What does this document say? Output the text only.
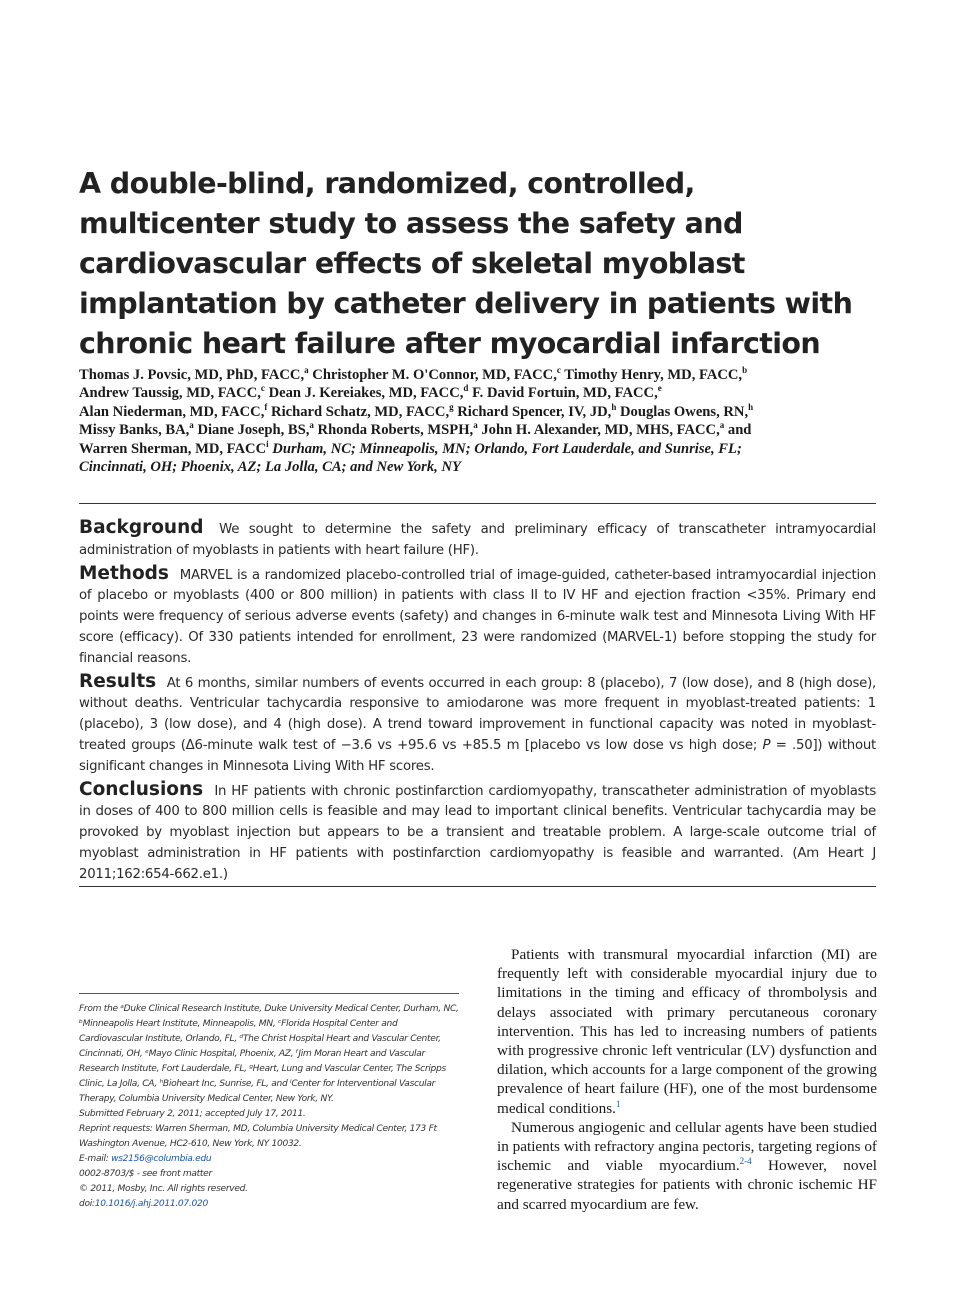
A double-blind, randomized, controlled, multicenter study to assess the safety and cardiovascular effects of skeletal myoblast implantation by catheter delivery in patients with chronic heart failure after myocardial infarction
Thomas J. Povsic, MD, PhD, FACC,$^a$ Christopher M. O'Connor, MD, FACC,$^c$ Timothy Henry, MD, FACC,$^b$
Andrew Taussig, MD, FACC,$^c$ Dean J. Kereiakes, MD, FACC,$^d$ F. David Fortuin, MD, FACC,$^e$
Alan Niederman, MD, FACC,$^f$ Richard Schatz, MD, FACC,$^g$ Richard Spencer, IV, JD,$^h$ Douglas Owens, RN,$^h$
Missy Banks, BA,$^a$ Diane Joseph, BS,$^a$ Rhonda Roberts, MSPH,$^a$ John H. Alexander, MD, MHS, FACC,$^a$ and
Warren Sherman, MD, FACC$^i$ Durham, NC; Minneapolis, MN; Orlando, Fort Lauderdale, and Sunrise, FL;
Cincinnati, OH; Phoenix, AZ; La Jolla, CA; and New York, NY

Background We sought to determine the safety and preliminary efficacy of transcatheter intramyocardial administration of myoblasts in patients with heart failure (HF).

Methods MARVEL is a randomized placebo-controlled trial of image-guided, catheter-based intramyocardial injection of placebo or myoblasts (400 or 800 million) in patients with class II to IV HF and ejection fraction <35%. Primary end points were frequency of serious adverse events (safety) and changes in 6-minute walk test and Minnesota Living With HF score (efficacy). Of 330 patients intended for enrollment, 23 were randomized (MARVEL-1) before stopping the study for financial reasons.

Results At 6 months, similar numbers of events occurred in each group: 8 (placebo), 7 (low dose), and 8 (high dose), without deaths. Ventricular tachycardia responsive to amiodarone was more frequent in myoblast-treated patients: 1 (placebo), 3 (low dose), and 4 (high dose). A trend toward improvement in functional capacity was noted in myoblast-treated groups (Δ6-minute walk test of −3.6 vs +95.6 vs +85.5 m [placebo vs low dose vs high dose; P = .50]) without significant changes in Minnesota Living With HF scores.

Conclusions In HF patients with chronic postinfarction cardiomyopathy, transcatheter administration of myoblasts in doses of 400 to 800 million cells is feasible and may lead to important clinical benefits. Ventricular tachycardia may be provoked by myoblast injection but appears to be a transient and treatable problem. A large-scale outcome trial of myoblast administration in HF patients with postinfarction cardiomyopathy is feasible and warranted. (Am Heart J 2011;162:654-662.e1.)

From the ᵃDuke Clinical Research Institute, Duke University Medical Center, Durham, NC, ᵇMinneapolis Heart Institute, Minneapolis, MN, ᶜFlorida Hospital Center and Cardiovascular Institute, Orlando, FL, ᵈThe Christ Hospital Heart and Vascular Center, Cincinnati, OH, ᵉMayo Clinic Hospital, Phoenix, AZ, ᶠJim Moran Heart and Vascular Research Institute, Fort Lauderdale, FL, ᵍHeart, Lung and Vascular Center, The Scripps Clinic, La Jolla, CA, ʰBioheart Inc, Sunrise, FL, and ⁱCenter for Interventional Vascular Therapy, Columbia University Medical Center, New York, NY.

Submitted February 2, 2011; accepted July 17, 2011.

Reprint requests: Warren Sherman, MD, Columbia University Medical Center, 173 Ft Washington Avenue, HC2-610, New York, NY 10032.

E-mail: ws2156@columbia.edu

0002-8703/$ - see front matter

© 2011, Mosby, Inc. All rights reserved.

doi:10.1016/j.ahj.2011.07.020

Patients with transmural myocardial infarction (MI) are frequently left with considerable myocardial injury due to limitations in the timing and efficacy of thrombolysis and delays associated with primary percutaneous coronary intervention. This has led to increasing numbers of patients with progressive chronic left ventricular (LV) dysfunction and dilation, which accounts for a large component of the growing prevalence of heart failure (HF), one of the most burdensome medical conditions.$^1$

Numerous angiogenic and cellular agents have been studied in patients with refractory angina pectoris, targeting regions of ischemic and viable myocardium.$^{2-4}$ However, novel regenerative strategies for patients with chronic ischemic HF and scarred myocardium are few.
